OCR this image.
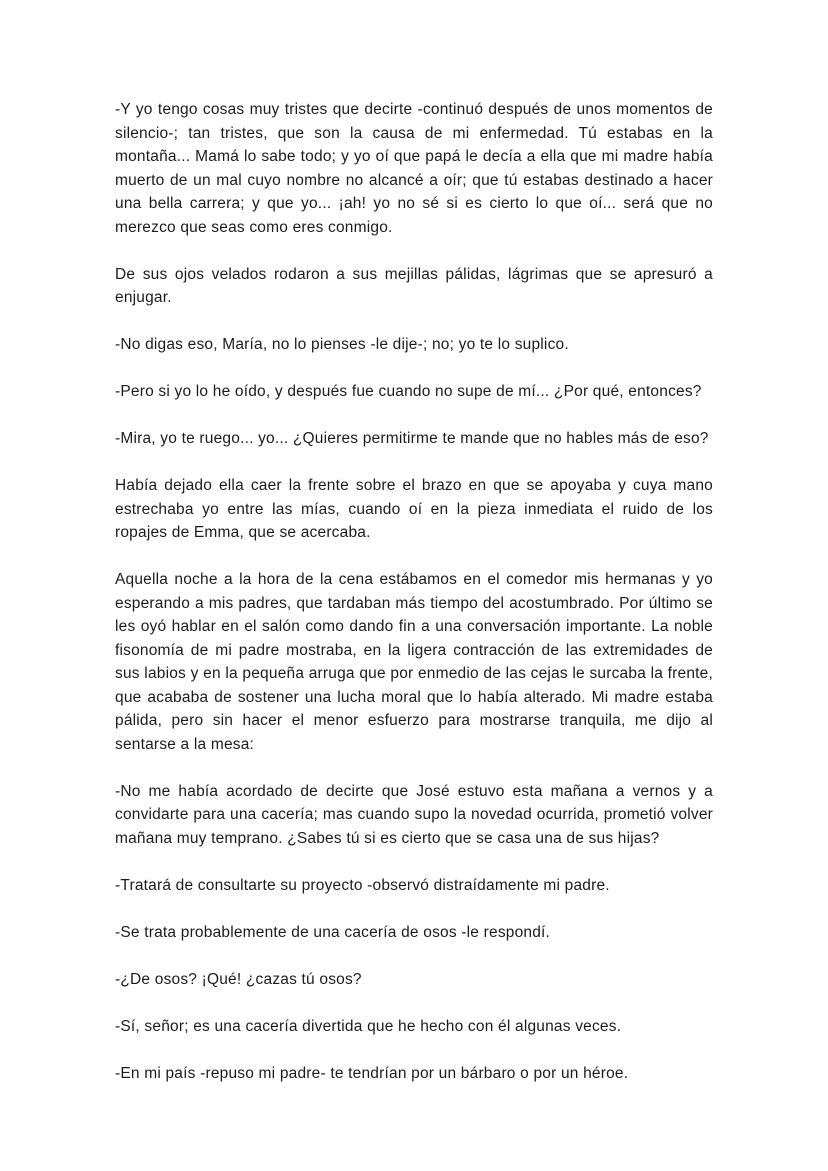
-Y yo tengo cosas muy tristes que decirte -continuó después de unos momentos de silencio-; tan tristes, que son la causa de mi enfermedad. Tú estabas en la montaña... Mamá lo sabe todo; y yo oí que papá le decía a ella que mi madre había muerto de un mal cuyo nombre no alcancé a oír; que tú estabas destinado a hacer una bella carrera; y que yo... ¡ah! yo no sé si es cierto lo que oí... será que no merezco que seas como eres conmigo.

De sus ojos velados rodaron a sus mejillas pálidas, lágrimas que se apresuró a enjugar.

-No digas eso, María, no lo pienses -le dije-; no; yo te lo suplico.

-Pero si yo lo he oído, y después fue cuando no supe de mí... ¿Por qué, entonces?

-Mira, yo te ruego... yo... ¿Quieres permitirme te mande que no hables más de eso?

Había dejado ella caer la frente sobre el brazo en que se apoyaba y cuya mano estrechaba yo entre las mías, cuando oí en la pieza inmediata el ruido de los ropajes de Emma, que se acercaba.

Aquella noche a la hora de la cena estábamos en el comedor mis hermanas y yo esperando a mis padres, que tardaban más tiempo del acostumbrado. Por último se les oyó hablar en el salón como dando fin a una conversación importante. La noble fisonomía de mi padre mostraba, en la ligera contracción de las extremidades de sus labios y en la pequeña arruga que por enmedio de las cejas le surcaba la frente, que acababa de sostener una lucha moral que lo había alterado. Mi madre estaba pálida, pero sin hacer el menor esfuerzo para mostrarse tranquila, me dijo al sentarse a la mesa:

-No me había acordado de decirte que José estuvo esta mañana a vernos y a convidarte para una cacería; mas cuando supo la novedad ocurrida, prometió volver mañana muy temprano. ¿Sabes tú si es cierto que se casa una de sus hijas?

-Tratará de consultarte su proyecto -observó distraídamente mi padre.

-Se trata probablemente de una cacería de osos -le respondí.

-¿De osos? ¡Qué! ¿cazas tú osos?

-Sí, señor; es una cacería divertida que he hecho con él algunas veces.

-En mi país -repuso mi padre- te tendrían por un bárbaro o por un héroe.
